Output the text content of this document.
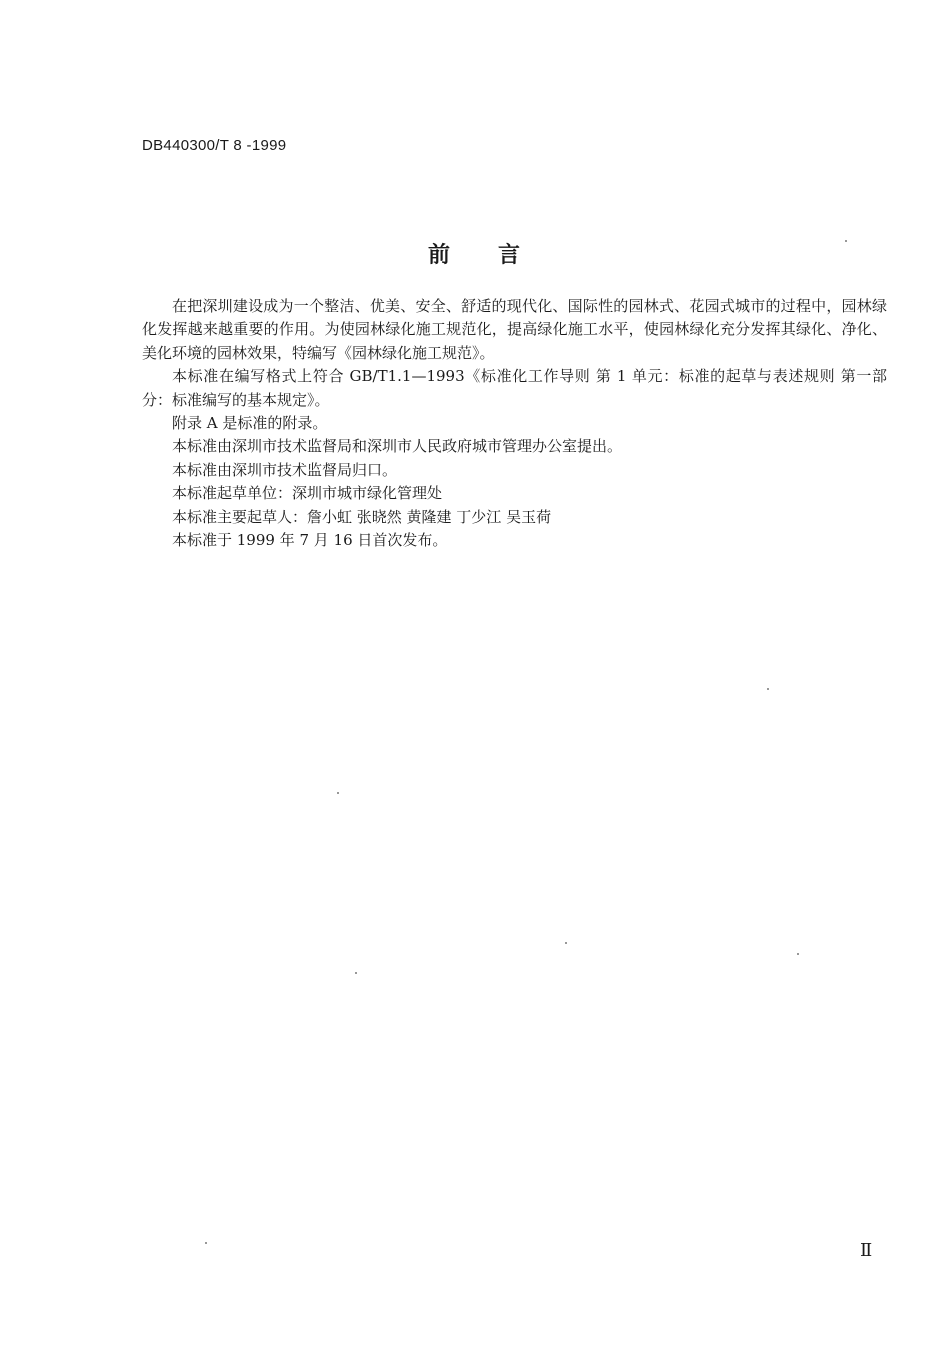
DB440300/T 8 -1999
前 言

在把深圳建设成为一个整洁、优美、安全、舒适的现代化、国际性的园林式、花园式城市的过程中，园林绿化发挥越来越重要的作用。为使园林绿化施工规范化，提高绿化施工水平，使园林绿化充分发挥其绿化、净化、美化环境的园林效果，特编写《园林绿化施工规范》。

本标准在编写格式上符合 GB/T1.1—1993《标准化工作导则 第 1 单元：标准的起草与表述规则 第一部分：标准编写的基本规定》。

附录 A 是标准的附录。

本标准由深圳市技术监督局和深圳市人民政府城市管理办公室提出。

本标准由深圳市技术监督局归口。

本标准起草单位：深圳市城市绿化管理处

本标准主要起草人：詹小虹 张晓然 黄隆建 丁少江 吴玉荷

本标准于 1999 年 7 月 16 日首次发布。

Ⅱ
